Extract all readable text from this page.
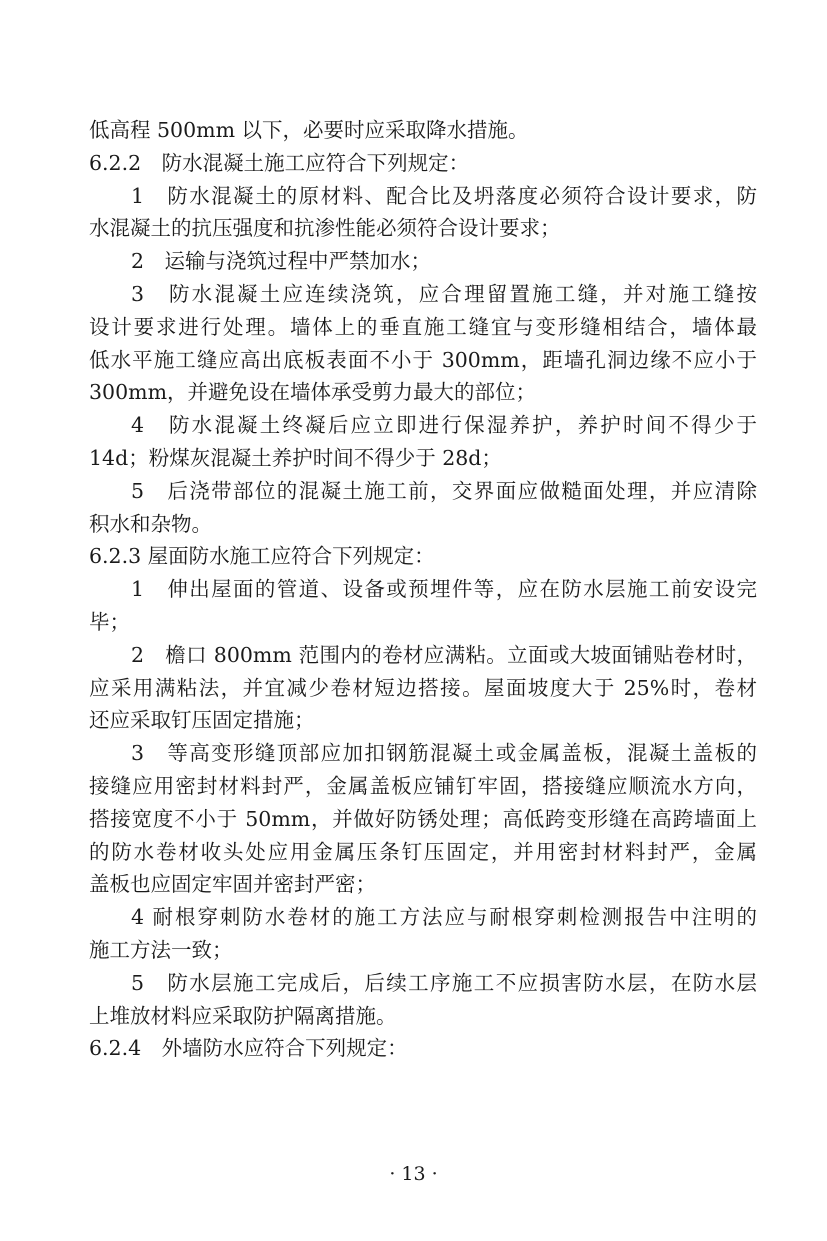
低高程 500mm 以下，必要时应采取降水措施。
6.2.2　防水混凝土施工应符合下列规定：
1　防水混凝土的原材料、配合比及坍落度必须符合设计要求，防
水混凝土的抗压强度和抗渗性能必须符合设计要求；
2　运输与浇筑过程中严禁加水；
3　防水混凝土应连续浇筑，应合理留置施工缝，并对施工缝按
设计要求进行处理。墙体上的垂直施工缝宜与变形缝相结合，墙体最
低水平施工缝应高出底板表面不小于 300mm，距墙孔洞边缘不应小于
300mm，并避免设在墙体承受剪力最大的部位；
4　防水混凝土终凝后应立即进行保湿养护，养护时间不得少于
14d；粉煤灰混凝土养护时间不得少于 28d；
5　后浇带部位的混凝土施工前，交界面应做糙面处理，并应清除
积水和杂物。
6.2.3 屋面防水施工应符合下列规定：
1　伸出屋面的管道、设备或预埋件等，应在防水层施工前安设完
毕；
2　檐口 800mm 范围内的卷材应满粘。立面或大坡面铺贴卷材时，
应采用满粘法，并宜减少卷材短边搭接。屋面坡度大于 25%时，卷材
还应采取钉压固定措施；
3　等高变形缝顶部应加扣钢筋混凝土或金属盖板，混凝土盖板的
接缝应用密封材料封严，金属盖板应铺钉牢固，搭接缝应顺流水方向，
搭接宽度不小于 50mm，并做好防锈处理；高低跨变形缝在高跨墙面上
的防水卷材收头处应用金属压条钉压固定，并用密封材料封严，金属
盖板也应固定牢固并密封严密；
4 耐根穿刺防水卷材的施工方法应与耐根穿刺检测报告中注明的
施工方法一致；
5　防水层施工完成后，后续工序施工不应损害防水层，在防水层
上堆放材料应采取防护隔离措施。
6.2.4　外墙防水应符合下列规定：
· 13 ·
